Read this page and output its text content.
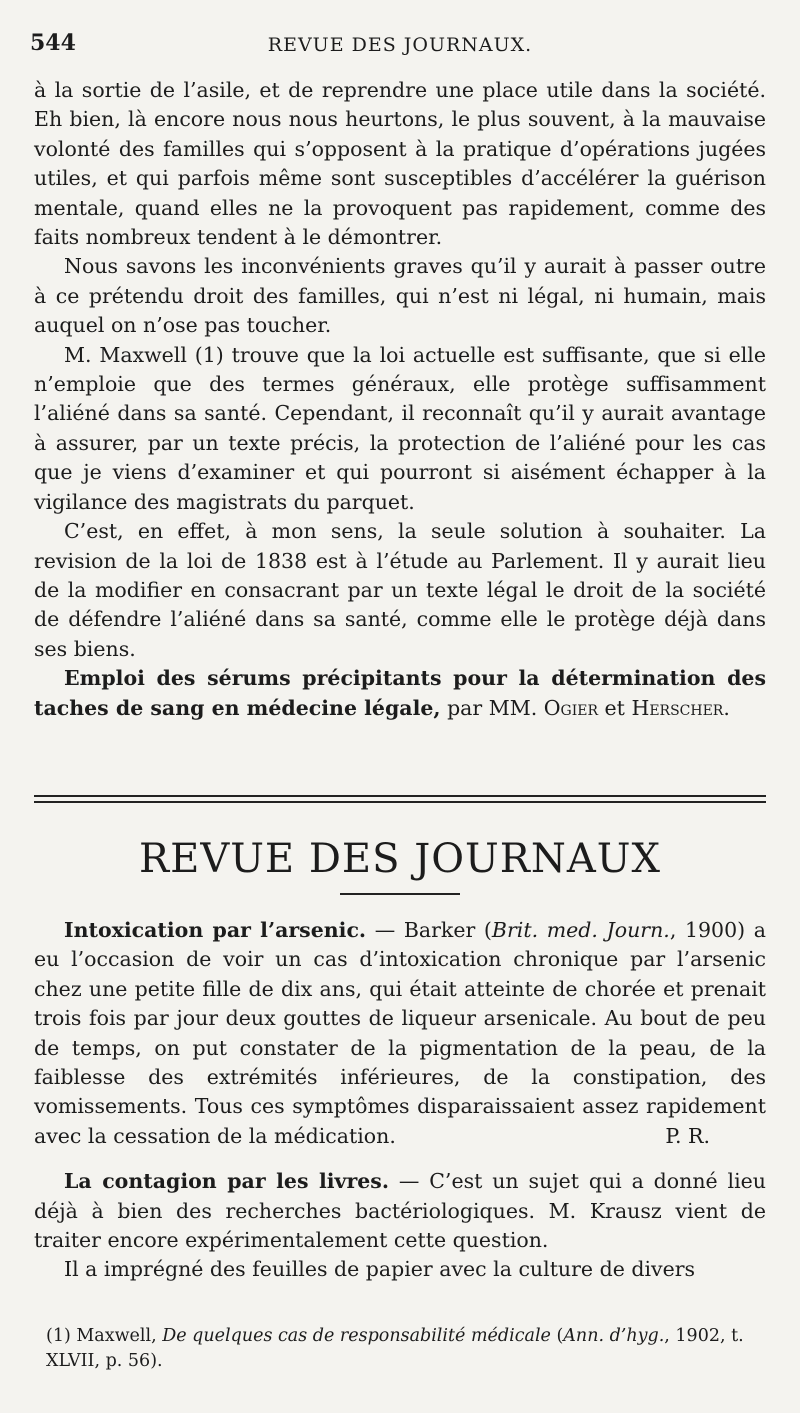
544	REVUE DES JOURNAUX.

à la sortie de l’asile, et de reprendre une place utile dans la société. Eh bien, là encore nous nous heurtons, le plus souvent, à la mauvaise volonté des familles qui s’opposent à la pratique d’opérations jugées utiles, et qui parfois même sont susceptibles d’accélérer la guérison mentale, quand elles ne la provoquent pas rapidement, comme des faits nombreux tendent à le démontrer.

Nous savons les inconvénients graves qu’il y aurait à passer outre à ce prétendu droit des familles, qui n’est ni légal, ni humain, mais auquel on n’ose pas toucher.

M. Maxwell (1) trouve que la loi actuelle est suffisante, que si elle n’emploie que des termes généraux, elle protège suffisamment l’aliéné dans sa santé. Cependant, il reconnaît qu’il y aurait avantage à assurer, par un texte précis, la protection de l’aliéné pour les cas que je viens d’examiner et qui pourront si aisément échapper à la vigilance des magistrats du parquet.

C’est, en effet, à mon sens, la seule solution à souhaiter. La revision de la loi de 1838 est à l’étude au Parlement. Il y aurait lieu de la modifier en consacrant par un texte légal le droit de la société de défendre l’aliéné dans sa santé, comme elle le protège déjà dans ses biens.

Emploi des sérums précipitants pour la détermination des taches de sang en médecine légale, par MM. Ogier et Herscher.

REVUE DES JOURNAUX

Intoxication par l’arsenic. — Barker (Brit. med. Journ., 1900) a eu l’occasion de voir un cas d’intoxication chronique par l’arsenic chez une petite fille de dix ans, qui était atteinte de chorée et prenait trois fois par jour deux gouttes de liqueur arsenicale. Au bout de peu de temps, on put constater de la pigmentation de la peau, de la faiblesse des extrémités inférieures, de la constipation, des vomissements. Tous ces symptômes disparaissaient assez rapidement avec la cessation de la médication.	P. R.

La contagion par les livres. — C’est un sujet qui a donné lieu déjà à bien des recherches bactériologiques. M. Krausz vient de traiter encore expérimentalement cette question.

Il a imprégné des feuilles de papier avec la culture de divers

(1) Maxwell, De quelques cas de responsabilité médicale (Ann. d’hyg., 1902, t. XLVII, p. 56).
